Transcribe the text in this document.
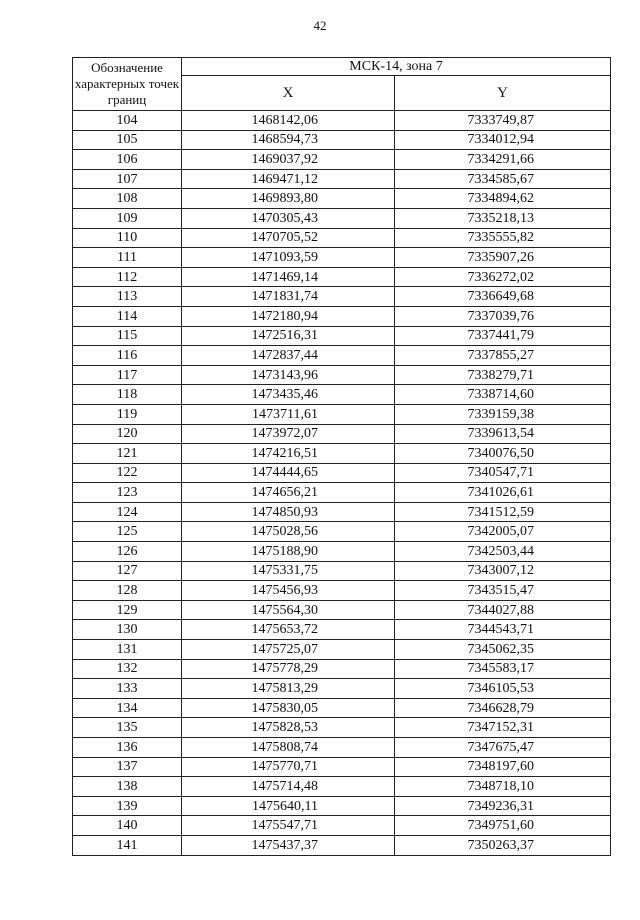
42
Обозначение характерных точек границ	МСК-14, зона 7	
	X	Y
104	1468142,06	7333749,87
105	1468594,73	7334012,94
106	1469037,92	7334291,66
107	1469471,12	7334585,67
108	1469893,80	7334894,62
109	1470305,43	7335218,13
110	1470705,52	7335555,82
111	1471093,59	7335907,26
112	1471469,14	7336272,02
113	1471831,74	7336649,68
114	1472180,94	7337039,76
115	1472516,31	7337441,79
116	1472837,44	7337855,27
117	1473143,96	7338279,71
118	1473435,46	7338714,60
119	1473711,61	7339159,38
120	1473972,07	7339613,54
121	1474216,51	7340076,50
122	1474444,65	7340547,71
123	1474656,21	7341026,61
124	1474850,93	7341512,59
125	1475028,56	7342005,07
126	1475188,90	7342503,44
127	1475331,75	7343007,12
128	1475456,93	7343515,47
129	1475564,30	7344027,88
130	1475653,72	7344543,71
131	1475725,07	7345062,35
132	1475778,29	7345583,17
133	1475813,29	7346105,53
134	1475830,05	7346628,79
135	1475828,53	7347152,31
136	1475808,74	7347675,47
137	1475770,71	7348197,60
138	1475714,48	7348718,10
139	1475640,11	7349236,31
140	1475547,71	7349751,60
141	1475437,37	7350263,37
